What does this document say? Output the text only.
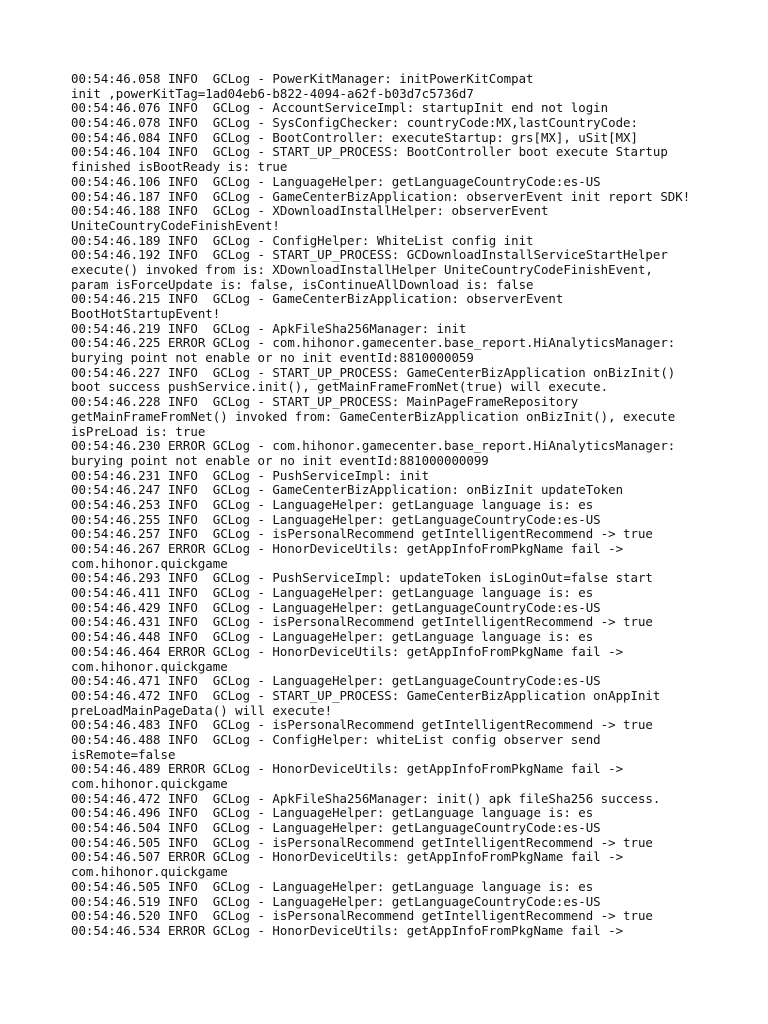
00:54:46.058 INFO  GCLog - PowerKitManager: initPowerKitCompat
init ,powerKitTag=1ad04eb6-b822-4094-a62f-b03d7c5736d7
00:54:46.076 INFO  GCLog - AccountServiceImpl: startupInit end not login
00:54:46.078 INFO  GCLog - SysConfigChecker: countryCode:MX,lastCountryCode:
00:54:46.084 INFO  GCLog - BootController: executeStartup: grs[MX], uSit[MX]
00:54:46.104 INFO  GCLog - START_UP_PROCESS: BootController boot execute Startup
finished isBootReady is: true
00:54:46.106 INFO  GCLog - LanguageHelper: getLanguageCountryCode:es-US
00:54:46.187 INFO  GCLog - GameCenterBizApplication: observerEvent init report SDK!
00:54:46.188 INFO  GCLog - XDownloadInstallHelper: observerEvent
UniteCountryCodeFinishEvent!
00:54:46.189 INFO  GCLog - ConfigHelper: WhiteList config init
00:54:46.192 INFO  GCLog - START_UP_PROCESS: GCDownloadInstallServiceStartHelper
execute() invoked from is: XDownloadInstallHelper UniteCountryCodeFinishEvent,
param isForceUpdate is: false, isContinueAllDownload is: false
00:54:46.215 INFO  GCLog - GameCenterBizApplication: observerEvent
BootHotStartupEvent!
00:54:46.219 INFO  GCLog - ApkFileSha256Manager: init
00:54:46.225 ERROR GCLog - com.hihonor.gamecenter.base_report.HiAnalyticsManager:
burying point not enable or no init eventId:8810000059
00:54:46.227 INFO  GCLog - START_UP_PROCESS: GameCenterBizApplication onBizInit()
boot success pushService.init(), getMainFrameFromNet(true) will execute.
00:54:46.228 INFO  GCLog - START_UP_PROCESS: MainPageFrameRepository
getMainFrameFromNet() invoked from: GameCenterBizApplication onBizInit(), execute
isPreLoad is: true
00:54:46.230 ERROR GCLog - com.hihonor.gamecenter.base_report.HiAnalyticsManager:
burying point not enable or no init eventId:881000000099
00:54:46.231 INFO  GCLog - PushServiceImpl: init
00:54:46.247 INFO  GCLog - GameCenterBizApplication: onBizInit updateToken
00:54:46.253 INFO  GCLog - LanguageHelper: getLanguage language is: es
00:54:46.255 INFO  GCLog - LanguageHelper: getLanguageCountryCode:es-US
00:54:46.257 INFO  GCLog - isPersonalRecommend getIntelligentRecommend -> true
00:54:46.267 ERROR GCLog - HonorDeviceUtils: getAppInfoFromPkgName fail ->
com.hihonor.quickgame
00:54:46.293 INFO  GCLog - PushServiceImpl: updateToken isLoginOut=false start
00:54:46.411 INFO  GCLog - LanguageHelper: getLanguage language is: es
00:54:46.429 INFO  GCLog - LanguageHelper: getLanguageCountryCode:es-US
00:54:46.431 INFO  GCLog - isPersonalRecommend getIntelligentRecommend -> true
00:54:46.448 INFO  GCLog - LanguageHelper: getLanguage language is: es
00:54:46.464 ERROR GCLog - HonorDeviceUtils: getAppInfoFromPkgName fail ->
com.hihonor.quickgame
00:54:46.471 INFO  GCLog - LanguageHelper: getLanguageCountryCode:es-US
00:54:46.472 INFO  GCLog - START_UP_PROCESS: GameCenterBizApplication onAppInit
preLoadMainPageData() will execute!
00:54:46.483 INFO  GCLog - isPersonalRecommend getIntelligentRecommend -> true
00:54:46.488 INFO  GCLog - ConfigHelper: whiteList config observer send
isRemote=false
00:54:46.489 ERROR GCLog - HonorDeviceUtils: getAppInfoFromPkgName fail ->
com.hihonor.quickgame
00:54:46.472 INFO  GCLog - ApkFileSha256Manager: init() apk fileSha256 success.
00:54:46.496 INFO  GCLog - LanguageHelper: getLanguage language is: es
00:54:46.504 INFO  GCLog - LanguageHelper: getLanguageCountryCode:es-US
00:54:46.505 INFO  GCLog - isPersonalRecommend getIntelligentRecommend -> true
00:54:46.507 ERROR GCLog - HonorDeviceUtils: getAppInfoFromPkgName fail ->
com.hihonor.quickgame
00:54:46.505 INFO  GCLog - LanguageHelper: getLanguage language is: es
00:54:46.519 INFO  GCLog - LanguageHelper: getLanguageCountryCode:es-US
00:54:46.520 INFO  GCLog - isPersonalRecommend getIntelligentRecommend -> true
00:54:46.534 ERROR GCLog - HonorDeviceUtils: getAppInfoFromPkgName fail ->
